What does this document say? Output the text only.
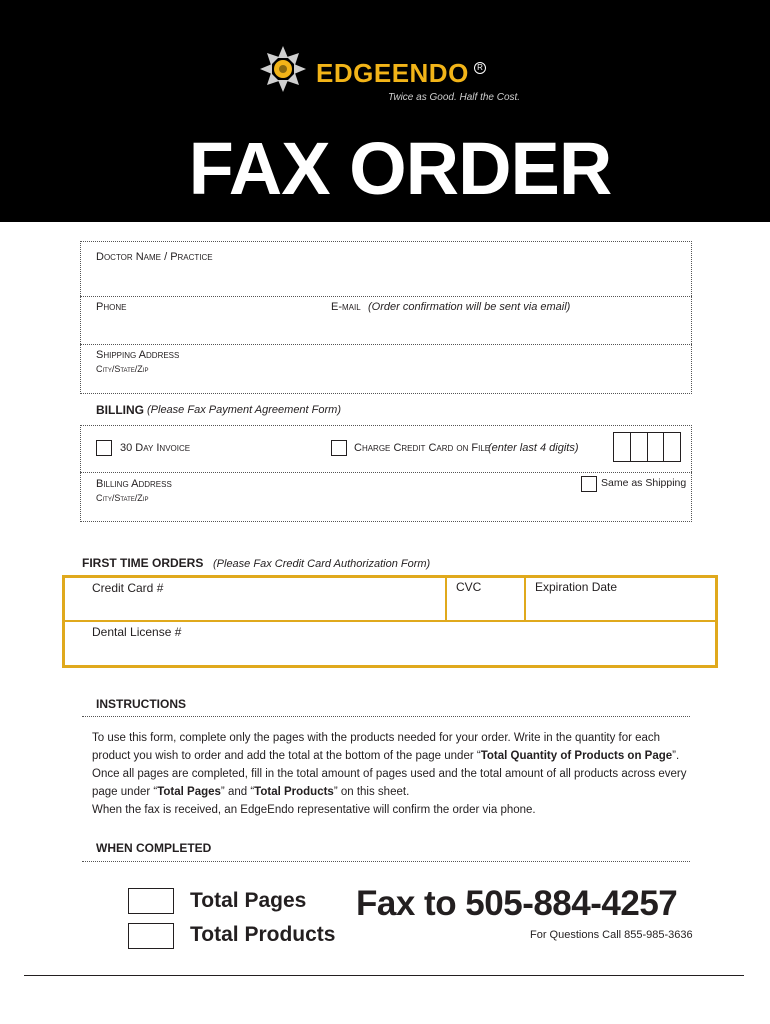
EDGEENDO	R
Twice as Good. Half the Cost.
FAX ORDER
Doctor Name / Practice
Phone	E-mail (Order confirmation will be sent via email)
Shipping Address
City/State/Zip
BILLING (Please Fax Payment Agreement Form)
30 Day Invoice	Charge Credit Card on File
(enter last 4 digits)
Billing Address
City/State/Zip
Same as Shipping
FIRST TIME ORDERS (Please Fax Credit Card Authorization Form)
Credit Card #	CVC	Expiration Date
Dental License #
INSTRUCTIONS
To use this form, complete only the pages with the products needed for your order. Write in the quantity for each product you wish to order and add the total at the bottom of the page under “Total Quantity of Products on Page”. Once all pages are completed, fill in the total amount of pages used and the total amount of all products across every page under “Total Pages” and “Total Products” on this sheet.
When the fax is received, an EdgeEndo representative will confirm the order via phone.
WHEN COMPLETED
Total Pages
Total Products
Fax to 505-884-4257
For Questions Call 855-985-3636
